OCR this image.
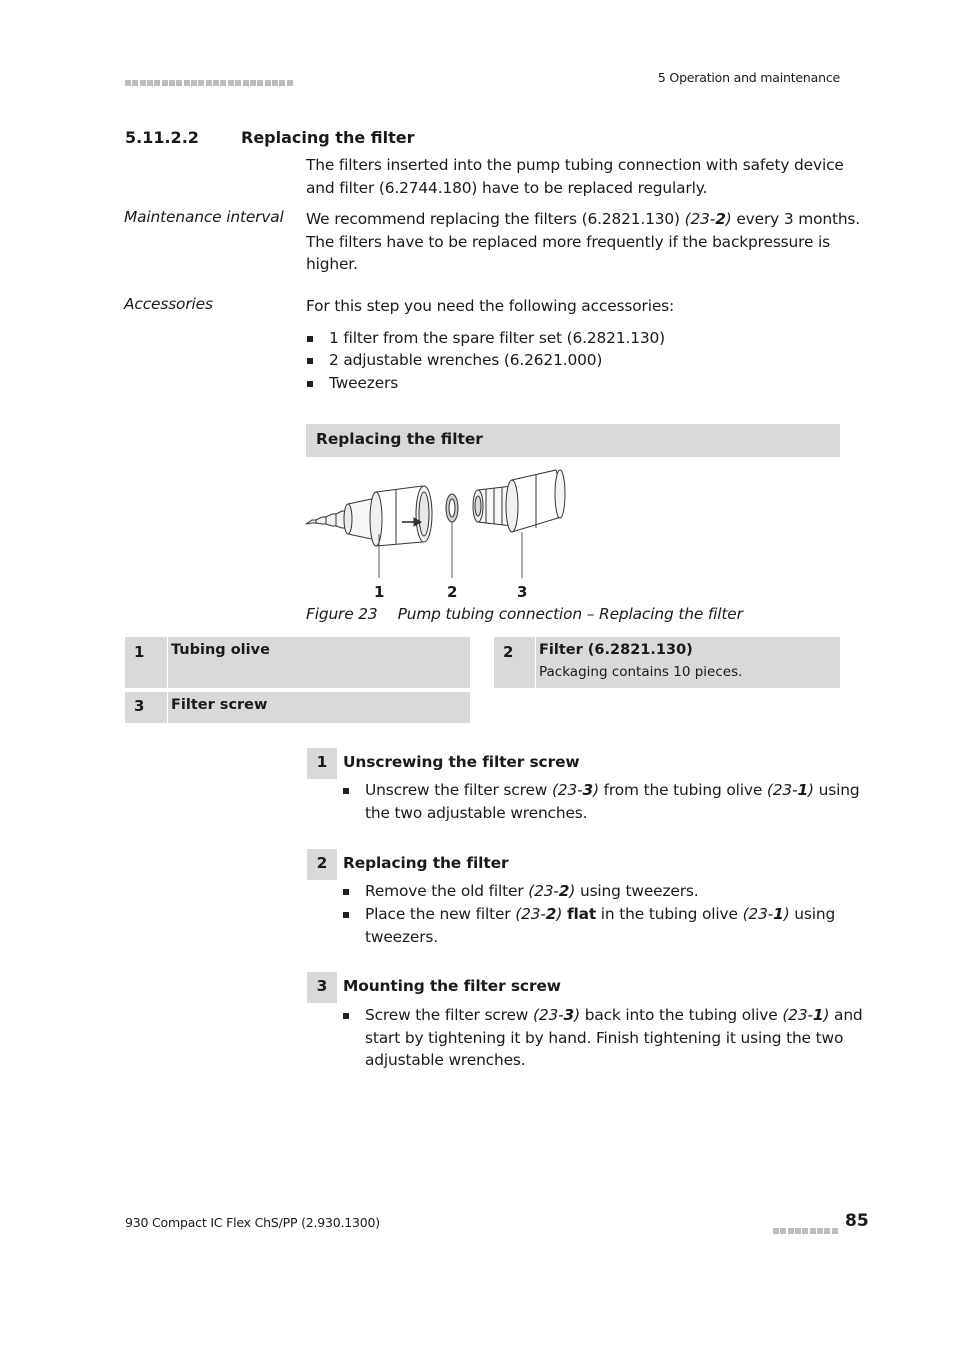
5 Operation and maintenance
5.11.2.2	Replacing the filter
The filters inserted into the pump tubing connection with safety device
and filter (6.2744.180) have to be replaced regularly.
Maintenance interval We recommend replacing the filters (6.2821.130) (23-2) every 3 months.
The filters have to be replaced more frequently if the backpressure is
higher.
Accessories	For this step you need the following accessories:
1 filter from the spare filter set (6.2821.130)
2 adjustable wrenches (6.2621.000)
Tweezers
Replacing the filter
1	2	3
Figure 23 Pump tubing connection – Replacing the filter
1 Tubing olive	2 Filter (6.2821.130)
Packaging contains 10 pieces.
3 Filter screw
1	Unscrewing the filter screw
Unscrew the filter screw (23-3) from the tubing olive (23-1) using
the two adjustable wrenches.
2	Replacing the filter
Remove the old filter (23-2) using tweezers.
Place the new filter (23-2) flat in the tubing olive (23-1) using
tweezers.
3	Mounting the filter screw
Screw the filter screw (23-3) back into the tubing olive (23-1) and
start by tightening it by hand. Finish tightening it using the two
adjustable wrenches.
930 Compact IC Flex ChS/PP (2.930.1300)	85
